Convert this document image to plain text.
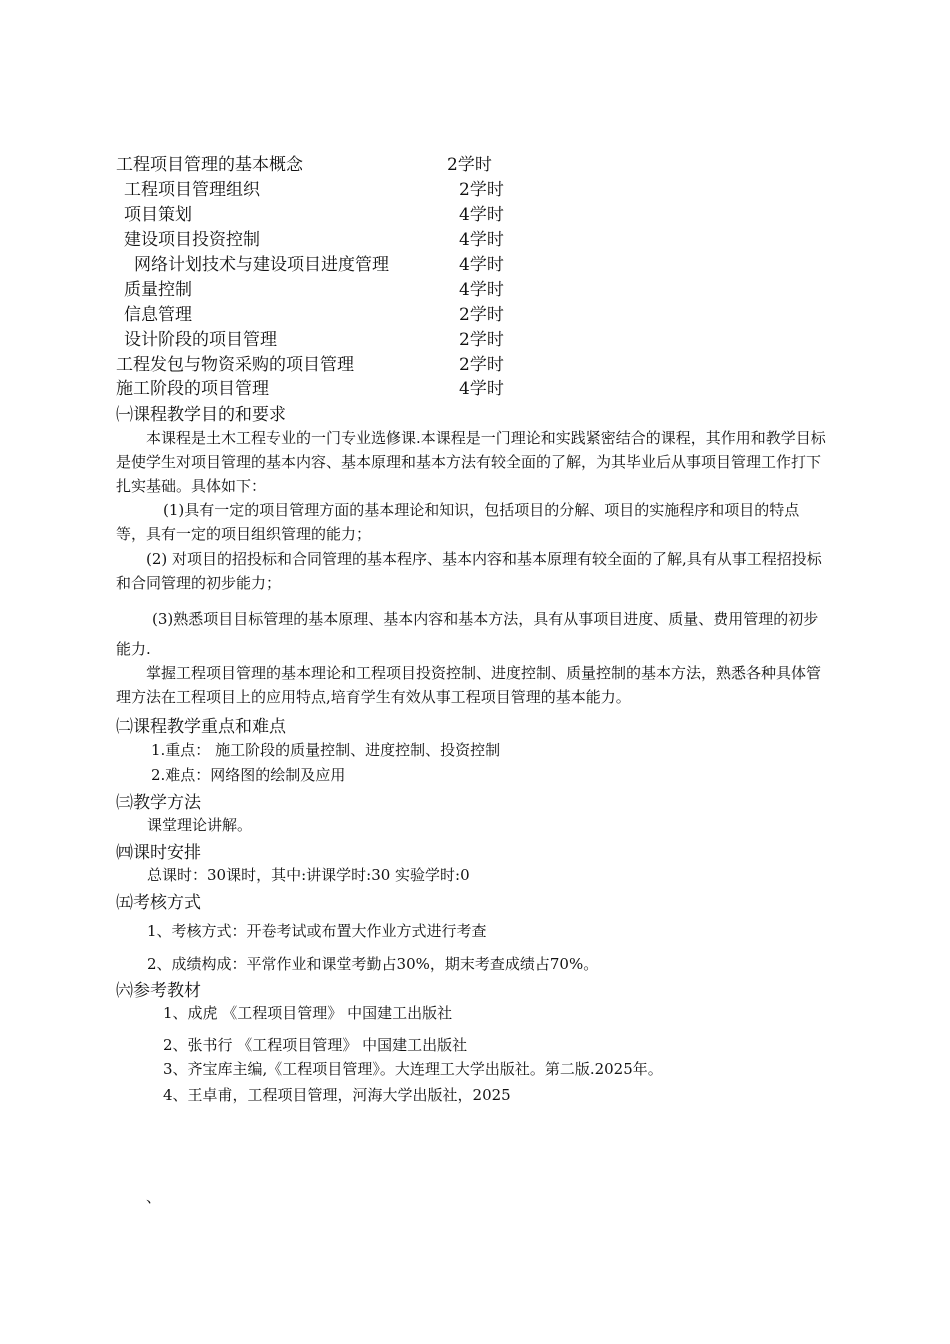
工程项目管理的基本概念	2学时
工程项目管理组织	2学时
项目策划	4学时
建设项目投资控制	4学时
网络计划技术与建设项目进度管理	4学时
质量控制	4学时
信息管理	2学时
设计阶段的项目管理	2学时
工程发包与物资采购的项目管理	2学时
施工阶段的项目管理	4学时
㈠课程教学目的和要求
本课程是土木工程专业的一门专业选修课.本课程是一门理论和实践紧密结合的课程，其作用和教学目标是使学生对项目管理的基本内容、基本原理和基本方法有较全面的了解，为其毕业后从事项目管理工作打下扎实基础。具体如下：
(1)具有一定的项目管理方面的基本理论和知识，包括项目的分解、项目的实施程序和项目的特点等，具有一定的项目组织管理的能力；
(2) 对项目的招投标和合同管理的基本程序、基本内容和基本原理有较全面的了解,具有从事工程招投标和合同管理的初步能力；
(3)熟悉项目目标管理的基本原理、基本内容和基本方法，具有从事项目进度、质量、费用管理的初步能力.
掌握工程项目管理的基本理论和工程项目投资控制、进度控制、质量控制的基本方法，熟悉各种具体管理方法在工程项目上的应用特点,培育学生有效从事工程项目管理的基本能力。
㈡课程教学重点和难点
1.重点： 施工阶段的质量控制、进度控制、投资控制
2.难点：网络图的绘制及应用
㈢教学方法
课堂理论讲解。
㈣课时安排
总课时：30课时，其中:讲课学时:30 实验学时:0
㈤考核方式
1、考核方式：开卷考试或布置大作业方式进行考查
2、成绩构成：平常作业和课堂考勤占30%，期末考查成绩占70%。
㈥参考教材
1、成虎 《工程项目管理》 中国建工出版社
2、张书行 《工程项目管理》 中国建工出版社
3、齐宝库主编,《工程项目管理》。大连理工大学出版社。第二版.2025年。
4、王卓甫，工程项目管理，河海大学出版社，2025
、
